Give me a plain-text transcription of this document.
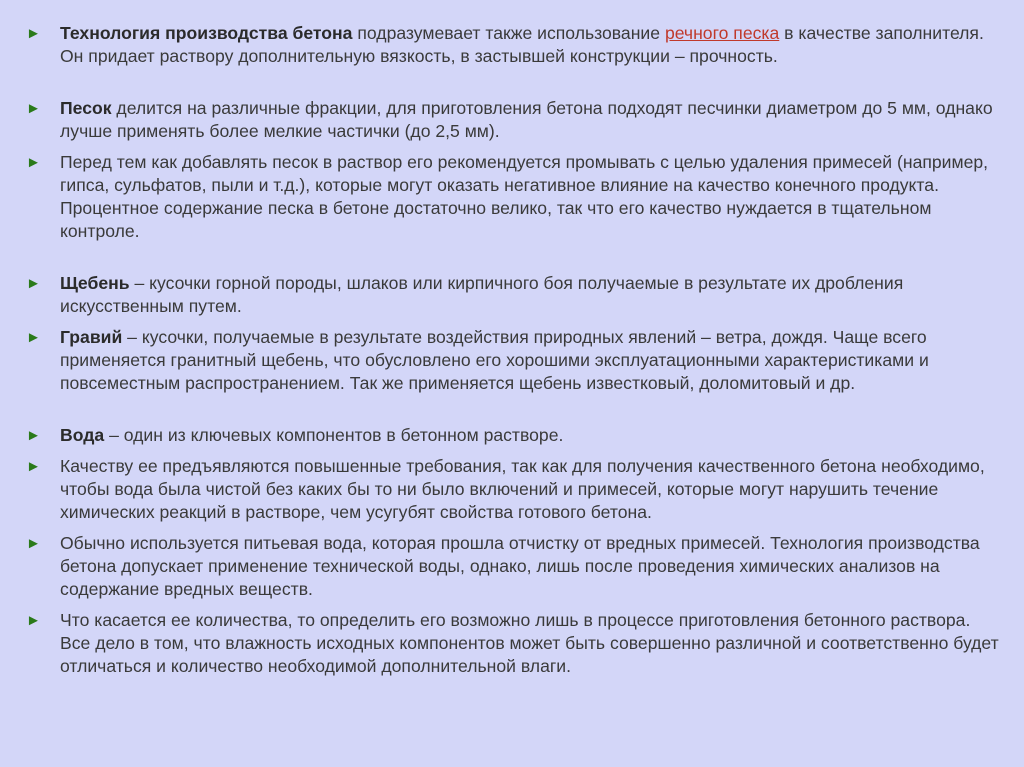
► Технология производства бетона подразумевает также использование речного песка в качестве заполнителя. Он придает раствору дополнительную вязкость, в застывшей конструкции – прочность.
► Песок делится на различные фракции, для приготовления бетона подходят песчинки диаметром до 5 мм, однако лучше применять более мелкие частички (до 2,5 мм).
► Перед тем как добавлять песок в раствор его рекомендуется промывать с целью удаления примесей (например, гипса, сульфатов, пыли и т.д.), которые могут оказать негативное влияние на качество конечного продукта. Процентное содержание песка в бетоне достаточно велико, так что его качество нуждается в тщательном контроле.
► Щебень – кусочки горной породы, шлаков или кирпичного боя получаемые в результате их дробления искусственным путем.
► Гравий – кусочки, получаемые в результате воздействия природных явлений – ветра, дождя. Чаще всего применяется гранитный щебень, что обусловлено его хорошими эксплуатационными характеристиками и повсеместным распространением. Так же применяется щебень известковый, доломитовый и др.
► Вода – один из ключевых компонентов в бетонном растворе.
► Качеству ее предъявляются повышенные требования, так как для получения качественного бетона необходимо, чтобы вода была чистой без каких бы то ни было включений и примесей, которые могут нарушить течение химических реакций в растворе, чем усугубят свойства готового бетона.
► Обычно используется питьевая вода, которая прошла отчистку от вредных примесей. Технология производства бетона допускает применение технической воды, однако, лишь после проведения химических анализов на содержание вредных веществ.
► Что касается ее количества, то определить его возможно лишь в процессе приготовления бетонного раствора. Все дело в том, что влажность исходных компонентов может быть совершенно различной и соответственно будет отличаться и количество необходимой дополнительной влаги.
